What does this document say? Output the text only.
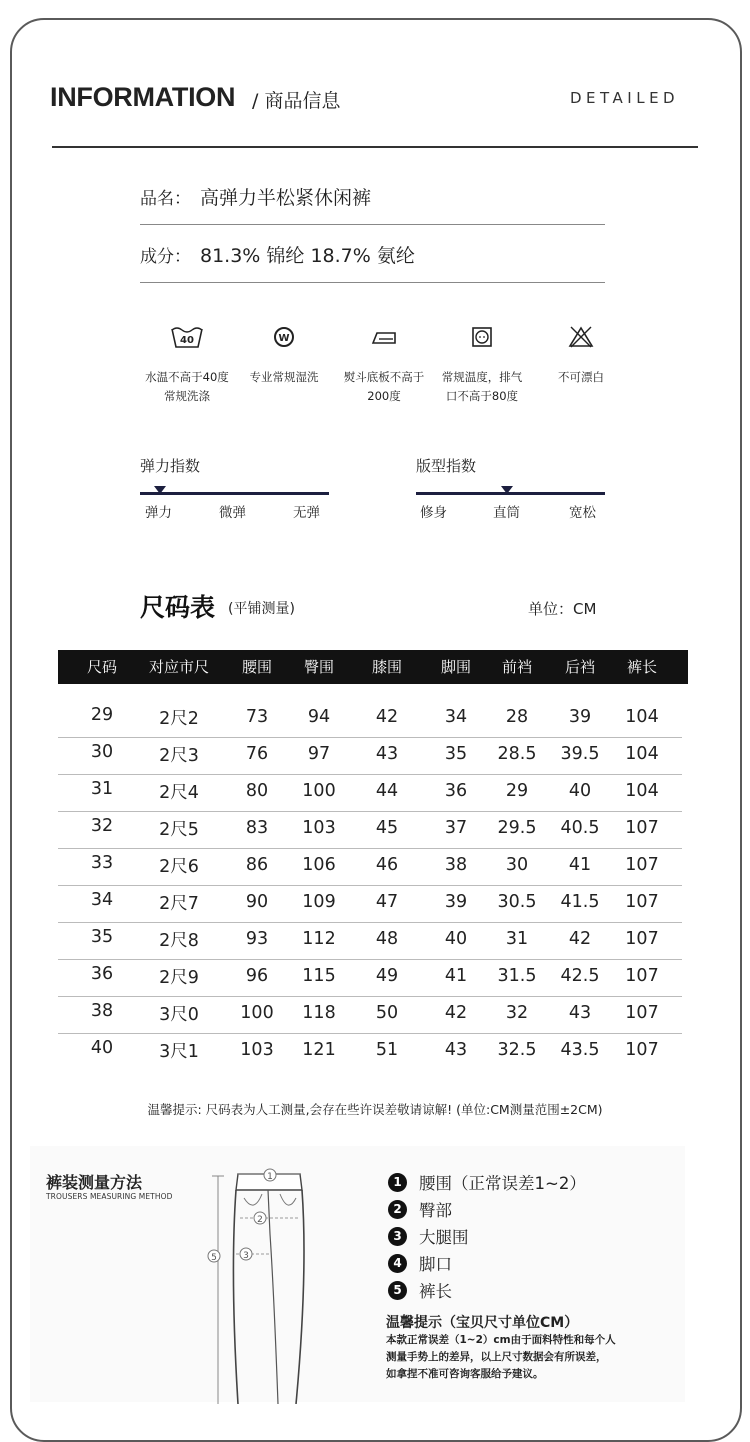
INFORMATION / 商品信息	DETAILED
品名： 高弹力半松紧休闲裤
成分： 81.3% 锦纶 18.7% 氨纶
40
水温不高于40度
常规洗涤
W
专业常规湿洗	熨斗底板不高于
200度
常规温度，排气
口不高于80度
不可漂白
弹力指数
弹力	微弹	无弹
版型指数
修身	直筒	宽松
尺码表 (平铺测量)	单位：CM
尺码 对应市尺 腰围 臀围	膝围	脚围 前裆 后裆 裤长
29	2尺2	73 94	42	34 28 39 104
30	2尺3	76 97	43	35 28.5 39.5 104
31	2尺4	80 100 44	36 29 40 104
32	2尺5	83 103 45	37 29.5 40.5 107
33	2尺6	86 106 46	38 30 41 107
34	2尺7	90 109 47	39 30.5 41.5 107
35	2尺8	93 112 48	40 31 42 107
36	2尺9	96 115 49	41 31.5 42.5 107
38	3尺0 100 118 50	42 32 43 107
40	3尺1 103 121 51	43 32.5 43.5 107
温馨提示: 尺码表为人工测量,会存在些许误差敬请谅解! (单位:CM测量范围±2CM)
裤装测量方法
TROUSERS MEASURING METHOD
5
1
2
3
1	腰围（正常误差1~2）
2	臀部
3	大腿围
4	脚口
5	裤长
温馨提示（宝贝尺寸单位CM）
本款正常误差（1~2）cm由于面料特性和每个人测量手势上的差异，以上尺寸数据会有所误差，如拿捏不准可咨询客服给予建议。
